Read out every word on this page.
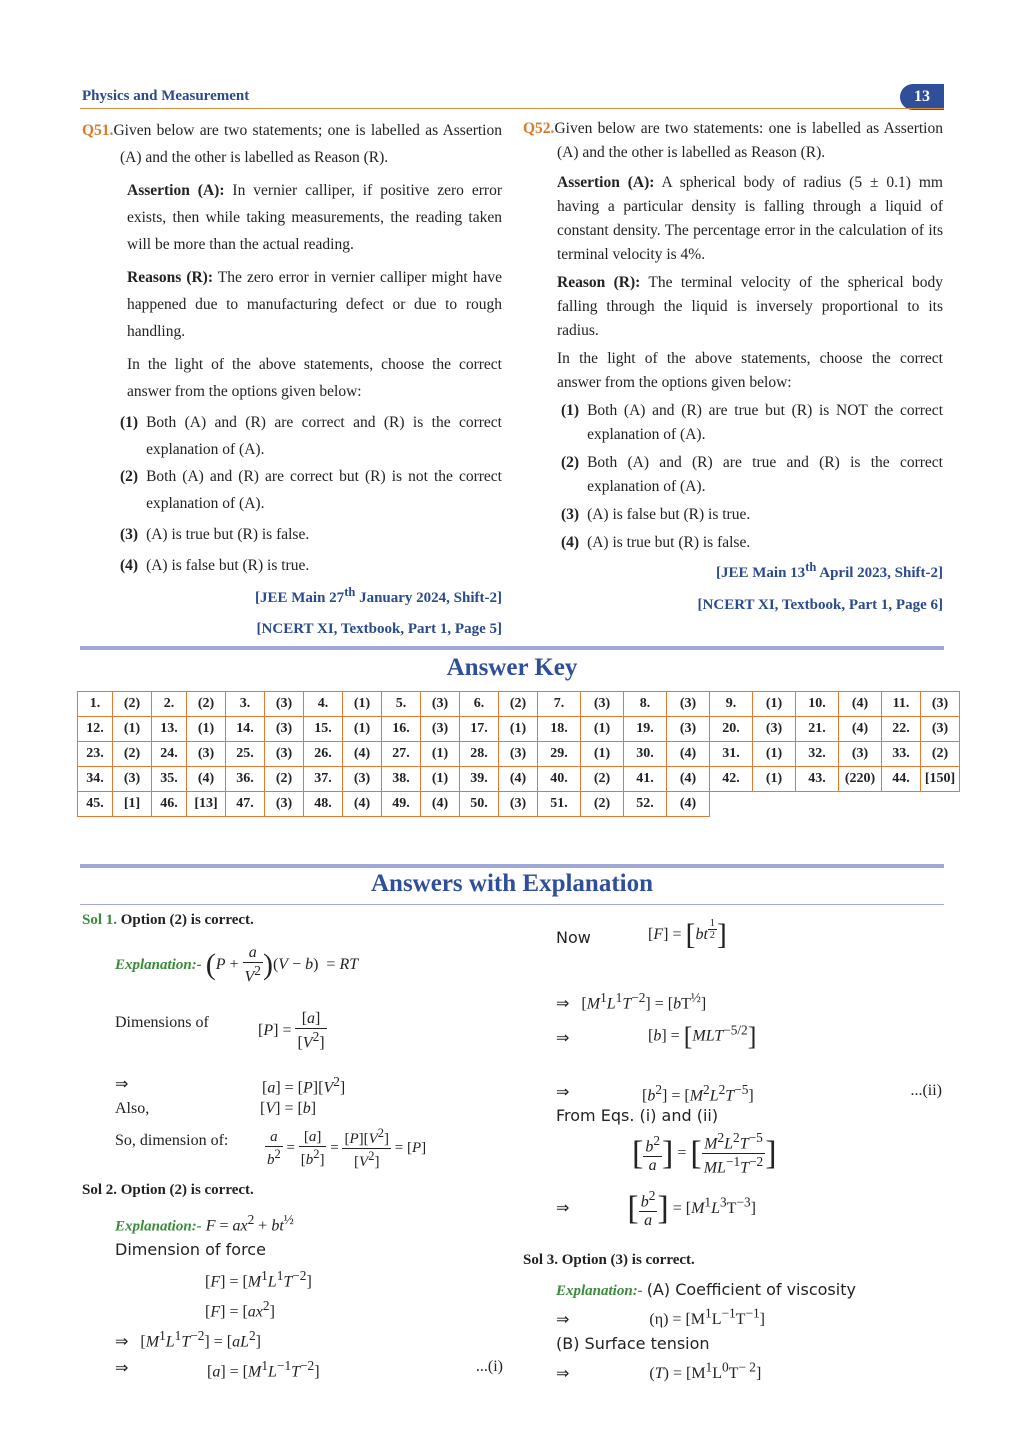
Physics and Measurement	13
Q51.Given below are two statements; one is labelled as Assertion (A) and the other is labelled as Reason (R).
Assertion (A): In vernier calliper, if positive zero error exists, then while taking measurements, the reading taken will be more than the actual reading.
Reasons (R): The zero error in vernier calliper might have happened due to manufacturing defect or due to rough handling.
In the light of the above statements, choose the correct answer from the options given below:
(1) Both (A) and (R) are correct and (R) is the correct explanation of (A).
(2) Both (A) and (R) are correct but (R) is not the correct explanation of (A).
(3) (A) is true but (R) is false.
(4) (A) is false but (R) is true.
[JEE Main 27th January 2024, Shift-2]
[NCERT XI, Textbook, Part 1, Page 5]
Q52.Given below are two statements: one is labelled as Assertion (A) and the other is labelled as Reason (R).
Assertion (A): A spherical body of radius (5 ± 0.1) mm having a particular density is falling through a liquid of constant density. The percentage error in the calculation of its terminal velocity is 4%.
Reason (R): The terminal velocity of the spherical body falling through the liquid is inversely proportional to its radius.
In the light of the above statements, choose the correct answer from the options given below:
(1) Both (A) and (R) are true but (R) is NOT the correct explanation of (A).
(2) Both (A) and (R) are true and (R) is the correct explanation of (A).
(3) (A) is false but (R) is true.
(4) (A) is true but (R) is false.
[JEE Main 13th April 2023, Shift-2]
[NCERT XI, Textbook, Part 1, Page 6]
Answer Key
1.	(2)	2.	(2)	3.	(3)	4.	(1)	5.	(3)	6.	(2)	7.	(3)	8.	(3)	9.	(1)	10.	(4)	11.	(3)
12.	(1)	13.	(1)	14.	(3)	15.	(1)	16.	(3)	17.	(1)	18.	(1)	19.	(3)	20.	(3)	21.	(4)	22.	(3)
23.	(2)	24.	(3)	25.	(3)	26.	(4)	27.	(1)	28.	(3)	29.	(1)	30.	(4)	31.	(1)	32.	(3)	33.	(2)
34.	(3)	35.	(4)	36.	(2)	37.	(3)	38.	(1)	39.	(4)	40.	(2)	41.	(4)	42.	(1)	43.	(220)	44.	[150]
45.	[1]	46.	[13]	47.	(3)	48.	(4)	49.	(4)	50.	(3)	51.	(2)	52.	(4)						
Answers with Explanation
Sol 1. Option (2) is correct.
Explanation:- $(P + \frac{a}{V^2} )(V - b)$  = RT
Dimensions of	$[P] = \frac{[a]}{[V^2]}$
⇒	$[a] = [P][V^2]$
Also,	[V] = [b]
So, dimension of: $\frac{a}{b^2} = \frac{[a]}{[b^2]} = \frac{[P][V^2]}{[V^2]} = [P]$
Sol 2. Option (2) is correct.
Explanation:- $F = ax^2 + bt^{\frac{1}{2}}$
Dimension of force
$[F] = [M^1L^1T^{-2}]$
$[F] = [ax^2]$
⇒   $[M^1L^1T^{-2}] = [aL^2]$
⇒	$[a] = [M^1L^{-1}T^{-2}]$	...(i)
Now	[F] = [bt $^{\frac{1}{2}}$ ]
⇒   $[M^1L^1T^{-2}] = [bT^{\frac{1}{2}}]$
⇒	$[b] = [MLT^{-5/2}]$
⇒	$[b^2] = [M^2L^2T^{-5}]$	...(ii)
From Eqs. (i) and (ii)
[ $\frac{b^2}{a}$ ] = [ $\frac{M^2L^2T^{-5}}{ML^{-1}T^{-2}}$ ]
⇒ [ $\frac{b^2}{a}$ ] = $[M^1L^3T^{-3}]$
Sol 3. Option (3) is correct.
Explanation:- (A) Coefficient of viscosity
⇒	$(\eta) = [M^1L^{-1}T^{-1}]$
(B) Surface tension
⇒	$(T) = [M^1L^0T^{- 2}]$
